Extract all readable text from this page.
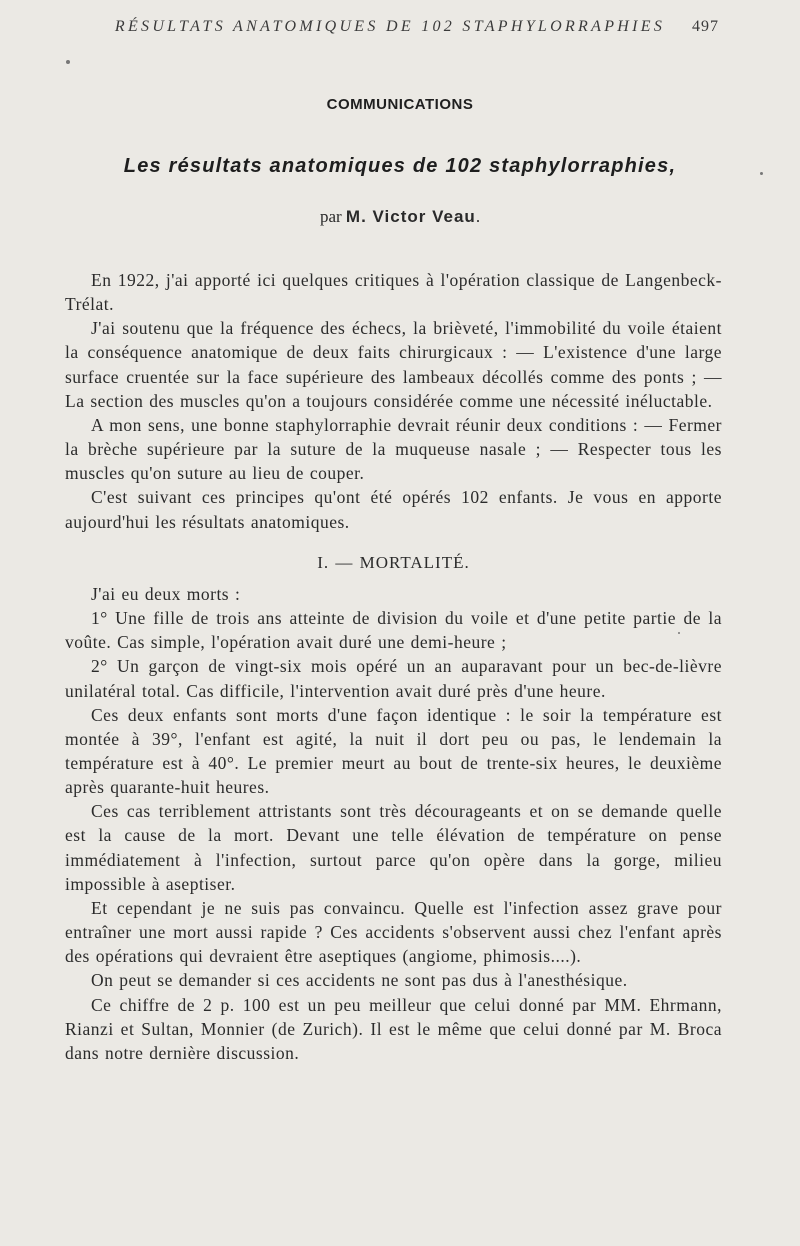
RÉSULTATS ANATOMIQUES DE 102 STAPHYLORRAPHIES	497
COMMUNICATIONS
Les résultats anatomiques de 102 staphylorraphies,
par M. Victor Veau.

En 1922, j'ai apporté ici quelques critiques à l'opération classique de Langenbeck-Trélat.

J'ai soutenu que la fréquence des échecs, la brièveté, l'immobilité du voile étaient la conséquence anatomique de deux faits chirurgicaux : — L'existence d'une large surface cruentée sur la face supérieure des lambeaux décollés comme des ponts ; — La section des muscles qu'on a toujours considérée comme une nécessité inéluctable.

A mon sens, une bonne staphylorraphie devrait réunir deux conditions : — Fermer la brèche supérieure par la suture de la muqueuse nasale ; — Respecter tous les muscles qu'on suture au lieu de couper.

C'est suivant ces principes qu'ont été opérés 102 enfants. Je vous en apporte aujourd'hui les résultats anatomiques.

I. — MORTALITÉ.

J'ai eu deux morts :

1° Une fille de trois ans atteinte de division du voile et d'une petite partie de la voûte. Cas simple, l'opération avait duré une demi-heure ;

2° Un garçon de vingt-six mois opéré un an auparavant pour un bec-de-lièvre unilatéral total. Cas difficile, l'intervention avait duré près d'une heure.

Ces deux enfants sont morts d'une façon identique : le soir la température est montée à 39°, l'enfant est agité, la nuit il dort peu ou pas, le lendemain la température est à 40°. Le premier meurt au bout de trente-six heures, le deuxième après quarante-huit heures.

Ces cas terriblement attristants sont très décourageants et on se demande quelle est la cause de la mort. Devant une telle élévation de température on pense immédiatement à l'infection, surtout parce qu'on opère dans la gorge, milieu impossible à aseptiser.

Et cependant je ne suis pas convaincu. Quelle est l'infection assez grave pour entraîner une mort aussi rapide ? Ces accidents s'observent aussi chez l'enfant après des opérations qui devraient être aseptiques (angiome, phimosis....).

On peut se demander si ces accidents ne sont pas dus à l'anesthésique.

Ce chiffre de 2 p. 100 est un peu meilleur que celui donné par MM. Ehrmann, Rianzi et Sultan, Monnier (de Zurich). Il est le même que celui donné par M. Broca dans notre dernière discussion.
